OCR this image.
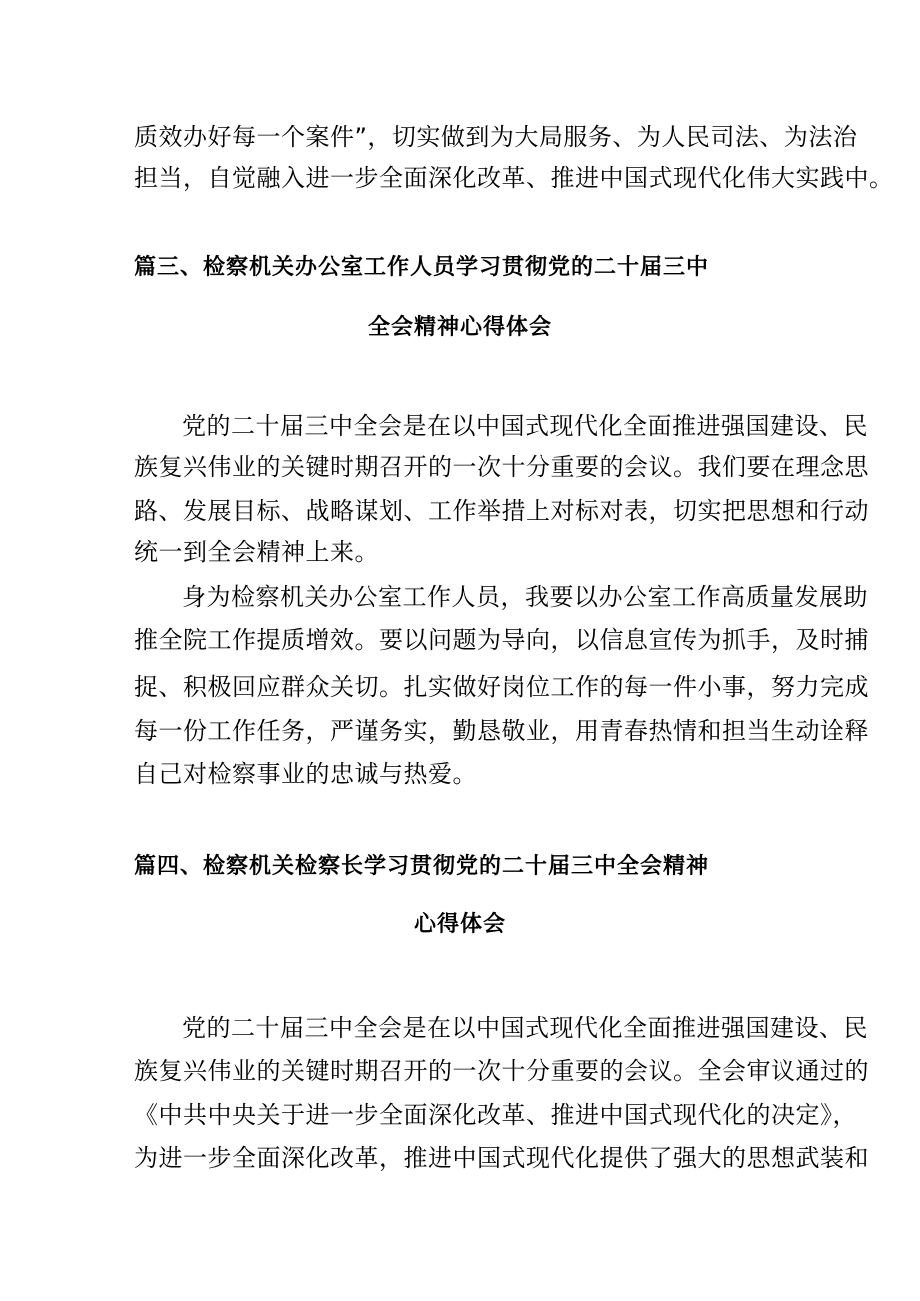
质效办好每一个案件”，切实做到为大局服务、为人民司法、为法治
担当，自觉融入进一步全面深化改革、推进中国式现代化伟大实践中。
篇三、检察机关办公室工作人员学习贯彻党的二十届三中
全会精神心得体会
党的二十届三中全会是在以中国式现代化全面推进强国建设、民
族复兴伟业的关键时期召开的一次十分重要的会议。我们要在理念思
路、发展目标、战略谋划、工作举措上对标对表，切实把思想和行动
统一到全会精神上来。
身为检察机关办公室工作人员，我要以办公室工作高质量发展助
推全院工作提质增效。要以问题为导向，以信息宣传为抓手，及时捕
捉、积极回应群众关切。扎实做好岗位工作的每一件小事，努力完成
每一份工作任务，严谨务实，勤恳敬业，用青春热情和担当生动诠释
自己对检察事业的忠诚与热爱。
篇四、检察机关检察长学习贯彻党的二十届三中全会精神
心得体会
党的二十届三中全会是在以中国式现代化全面推进强国建设、民
族复兴伟业的关键时期召开的一次十分重要的会议。全会审议通过的
《中共中央关于进一步全面深化改革、推进中国式现代化的决定》，
为进一步全面深化改革，推进中国式现代化提供了强大的思想武装和
